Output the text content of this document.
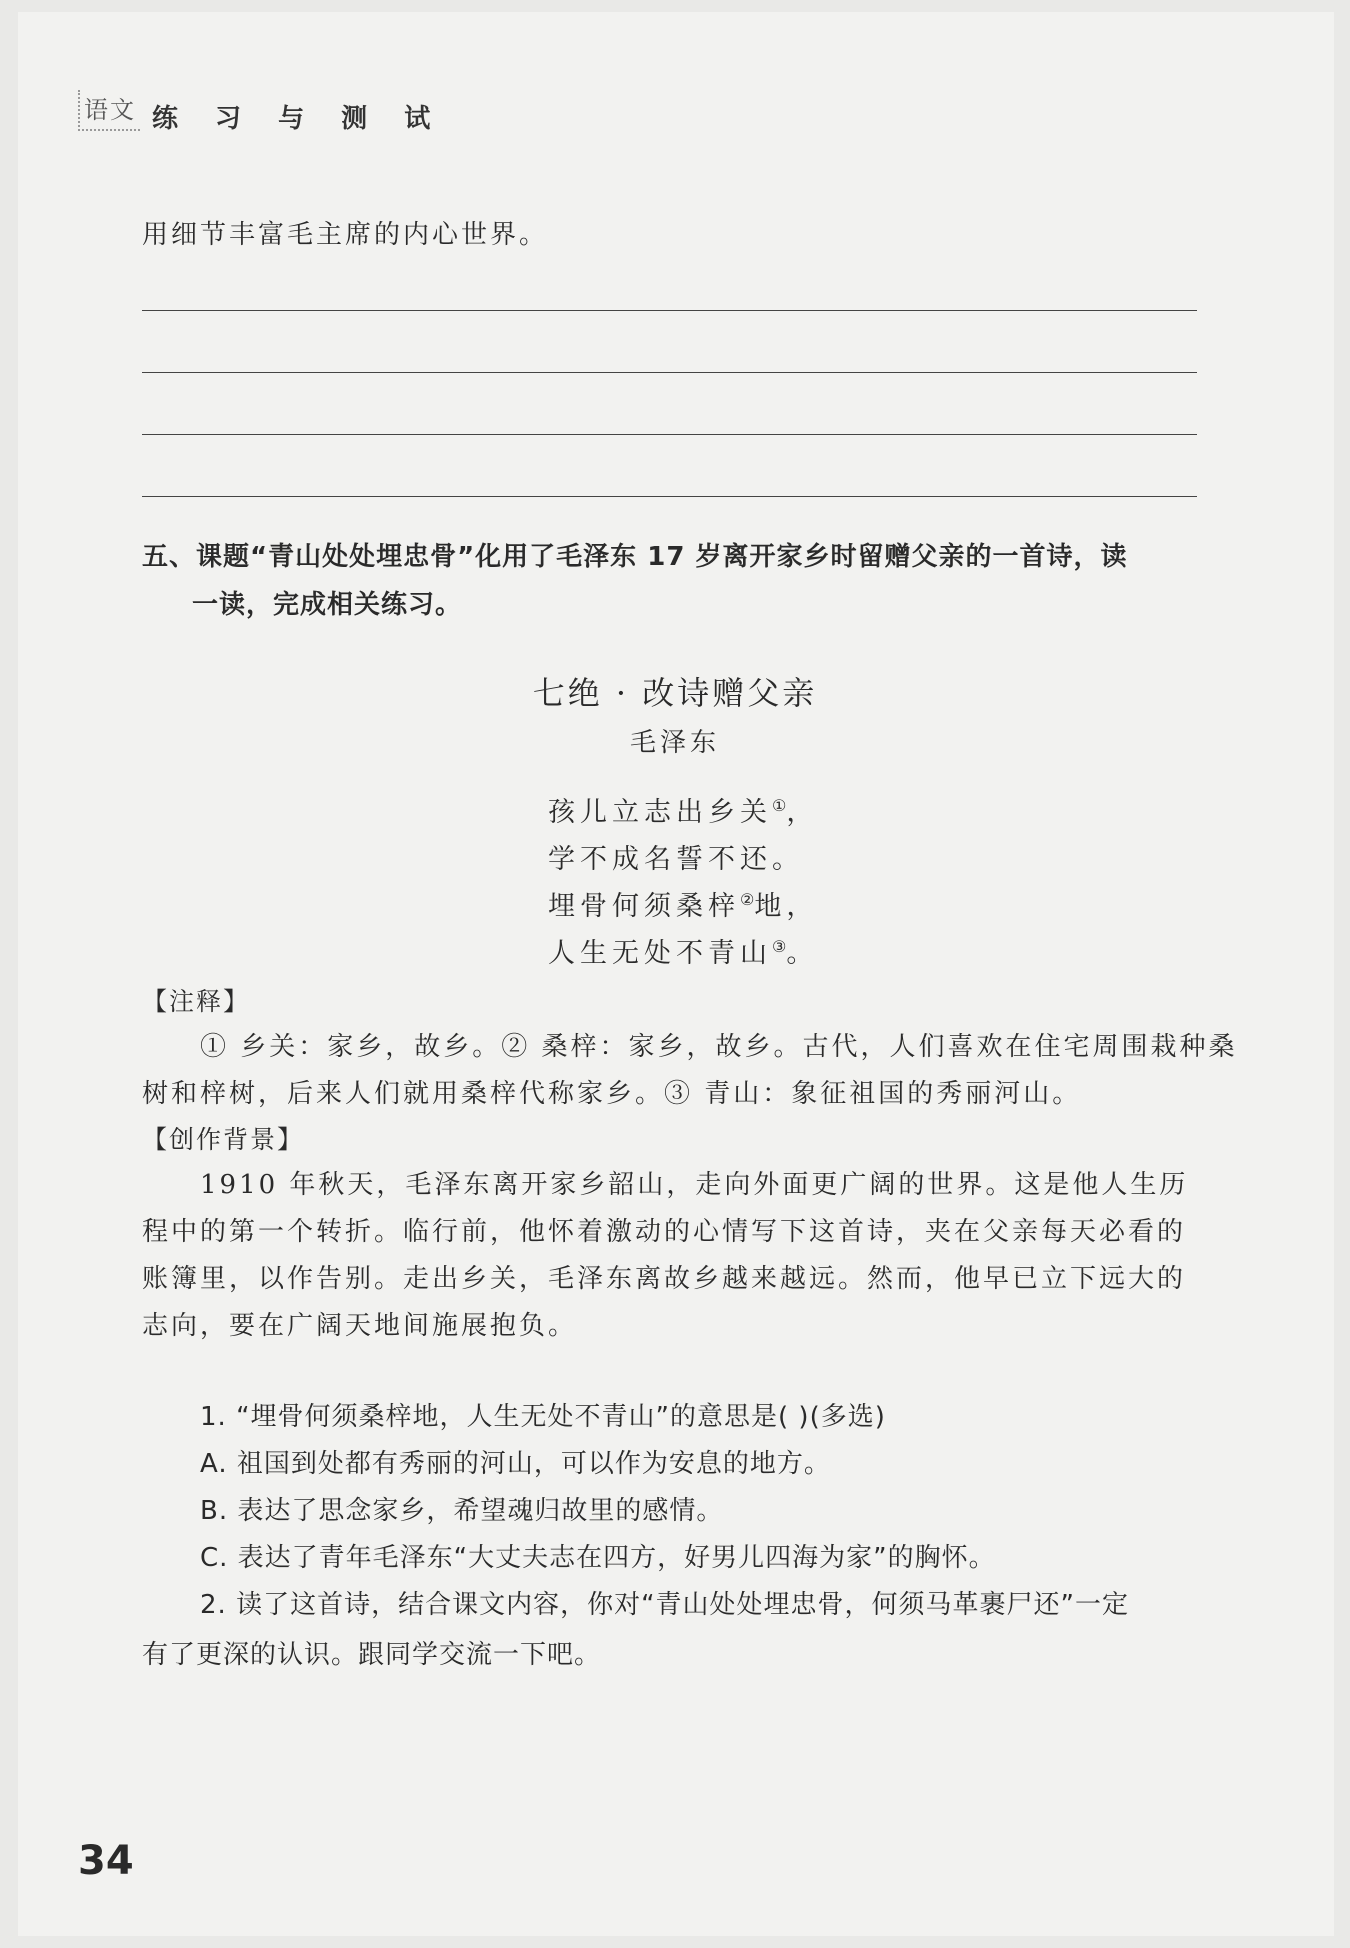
语文 练 习 与 测 试
用细节丰富毛主席的内心世界。
五、课题“青山处处埋忠骨”化用了毛泽东 17 岁离开家乡时留赠父亲的一首诗，读
一读，完成相关练习。
七绝 · 改诗赠父亲
毛泽东
孩儿立志出乡关①，
学不成名誓不还。
埋骨何须桑梓②地，
人生无处不青山③。
【注释】
① 乡关：家乡，故乡。② 桑梓：家乡，故乡。古代，人们喜欢在住宅周围栽种桑
树和梓树，后来人们就用桑梓代称家乡。③ 青山：象征祖国的秀丽河山。
【创作背景】
1910 年秋天，毛泽东离开家乡韶山，走向外面更广阔的世界。这是他人生历
程中的第一个转折。临行前，他怀着激动的心情写下这首诗，夹在父亲每天必看的
账簿里，以作告别。走出乡关，毛泽东离故乡越来越远。然而，他早已立下远大的
志向，要在广阔天地间施展抱负。
1. “埋骨何须桑梓地，人生无处不青山”的意思是( )(多选)
A. 祖国到处都有秀丽的河山，可以作为安息的地方。
B. 表达了思念家乡，希望魂归故里的感情。
C. 表达了青年毛泽东“大丈夫志在四方，好男儿四海为家”的胸怀。
2. 读了这首诗，结合课文内容，你对“青山处处埋忠骨，何须马革裹尸还”一定
有了更深的认识。跟同学交流一下吧。
34
